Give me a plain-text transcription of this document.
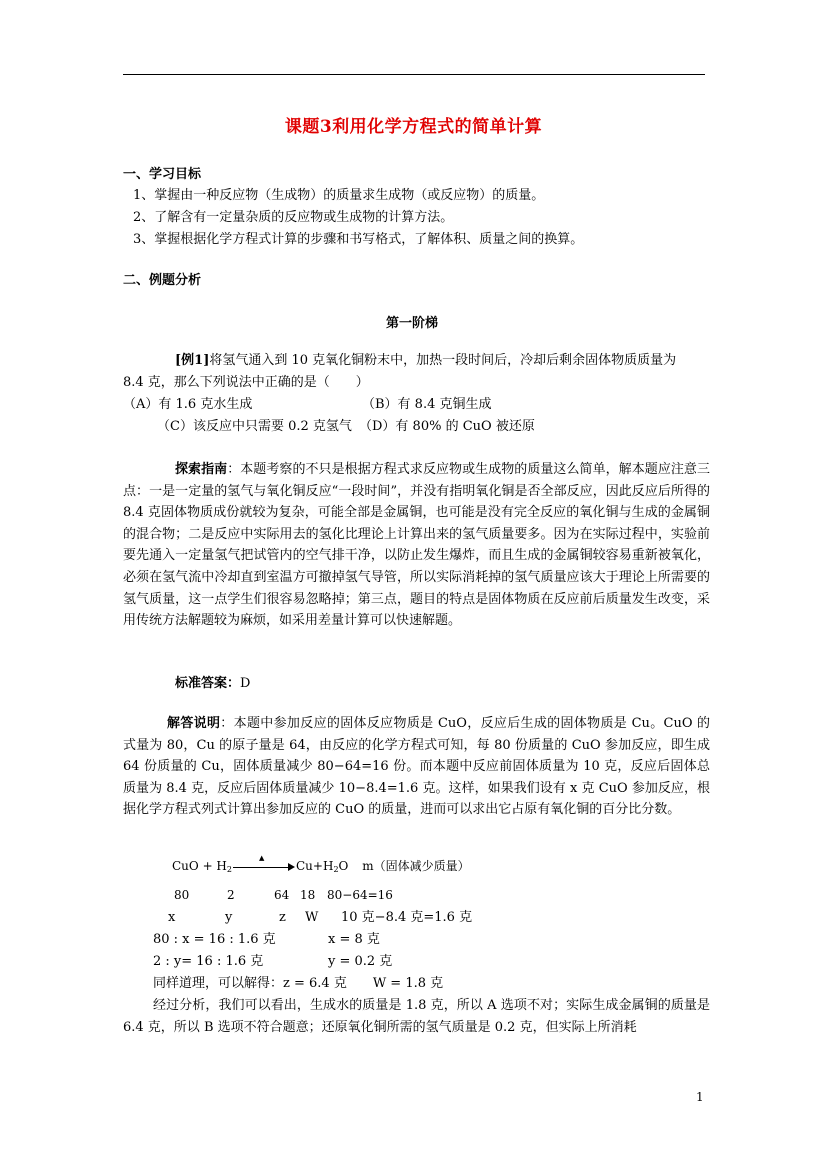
课题3利用化学方程式的简单计算
一、学习目标
1、掌握由一种反应物（生成物）的质量求生成物（或反应物）的质量。
2、了解含有一定量杂质的反应物或生成物的计算方法。
3、掌握根据化学方程式计算的步骤和书写格式，了解体积、质量之间的换算。
二、例题分析
第一阶梯
[例1]将氢气通入到 10 克氧化铜粉末中，加热一段时间后，冷却后剩余固体物质质量为
8.4 克，那么下列说法中正确的是（　　）
（A）有 1.6 克水生成	（B）有 8.4 克铜生成
（C）该反应中只需要 0.2 克氢气 （D）有 80% 的 CuO 被还原

探索指南：本题考察的不只是根据方程式求反应物或生成物的质量这么简单，解本题应注意三点：一是一定量的氢气与氧化铜反应“一段时间”，并没有指明氧化铜是否全部反应，因此反应后所得的 8.4 克固体物质成份就较为复杂，可能全部是金属铜，也可能是没有完全反应的氧化铜与生成的金属铜的混合物；二是反应中实际用去的氢化比理论上计算出来的氢气质量要多。因为在实际过程中，实验前要先通入一定量氢气把试管内的空气排干净，以防止发生爆炸，而且生成的金属铜较容易重新被氧化，必须在氢气流中冷却直到室温方可撤掉氢气导管，所以实际消耗掉的氢气质量应该大于理论上所需要的氢气质量，这一点学生们很容易忽略掉；第三点，题目的特点是固体物质在反应前后质量发生改变，采用传统方法解题较为麻烦，如采用差量计算可以快速解题。

标准答案：D

解答说明：本题中参加反应的固体反应物质是 CuO，反应后生成的固体物质是 Cu。CuO 的式量为 80，Cu 的原子量是 64，由反应的化学方程式可知，每 80 份质量的 CuO 参加反应，即生成 64 份质量的 Cu，固体质量减少 80−64=16 份。而本题中反应前固体质量为 10 克，反应后固体总质量为 8.4 克，反应后固体质量减少 10−8.4=1.6 克。这样，如果我们设有 x 克 CuO 参加反应，根据化学方程式列式计算出参加反应的 CuO 的质量，进而可以求出它占原有氧化铜的百分比分数。

CuO + $H_2$
▲
$Cu+H_2O$ m（固体减少质量）
80	2	64 18 80−64=16
x	y	z W 10 克−8.4 克=1.6 克
80 : x = 16 : 1.6 克	x = 8 克
2 : y= 16 : 1.6 克	y = 0.2 克
同样道理，可以解得：z = 6.4 克　　W = 1.8 克

经过分析，我们可以看出，生成水的质量是 1.8 克，所以 A 选项不对；实际生成金属铜的质量是 6.4 克，所以 B 选项不符合题意；还原氧化铜所需的氢气质量是 0.2 克，但实际上所消耗

1
